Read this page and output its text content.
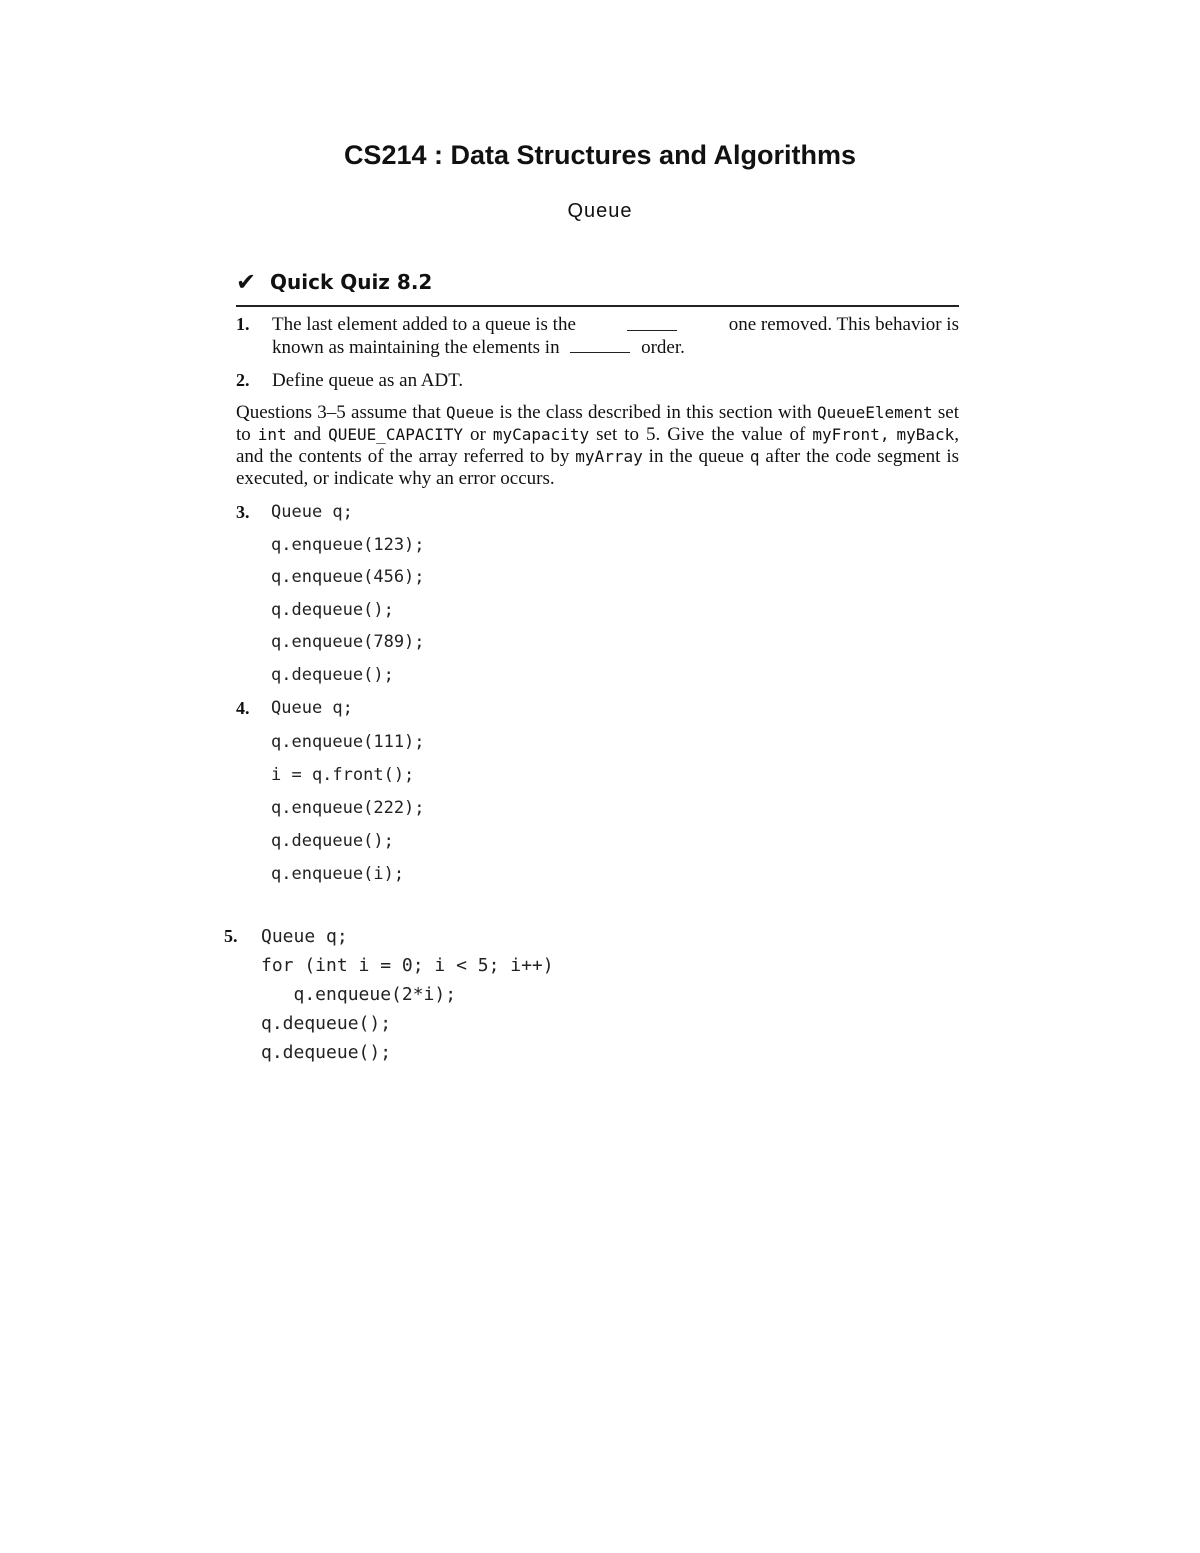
CS214 : Data Structures and Algorithms
Queue
✔ Quick Quiz 8.2
1. The last element added to a queue is the	one removed. This behavior is
known as maintaining the elements in	order.
2. Define queue as an ADT.
Questions 3–5 assume that Queue is the class described in this section with QueueElement set to int and QUEUE_CAPACITY or myCapacity set to 5. Give the value of myFront, myBack, and the contents of the array referred to by myArray in the queue q after the code segment is executed, or indicate why an error occurs.
3. Queue q;
q.enqueue(123);
q.enqueue(456);
q.dequeue();
q.enqueue(789);
q.dequeue();
4. Queue q;
q.enqueue(111);
i = q.front();
q.enqueue(222);
q.dequeue();
q.enqueue(i);
5. Queue q;
for (int i = 0; i < 5; i++)
q.enqueue(2*i);
q.dequeue();
q.dequeue();
